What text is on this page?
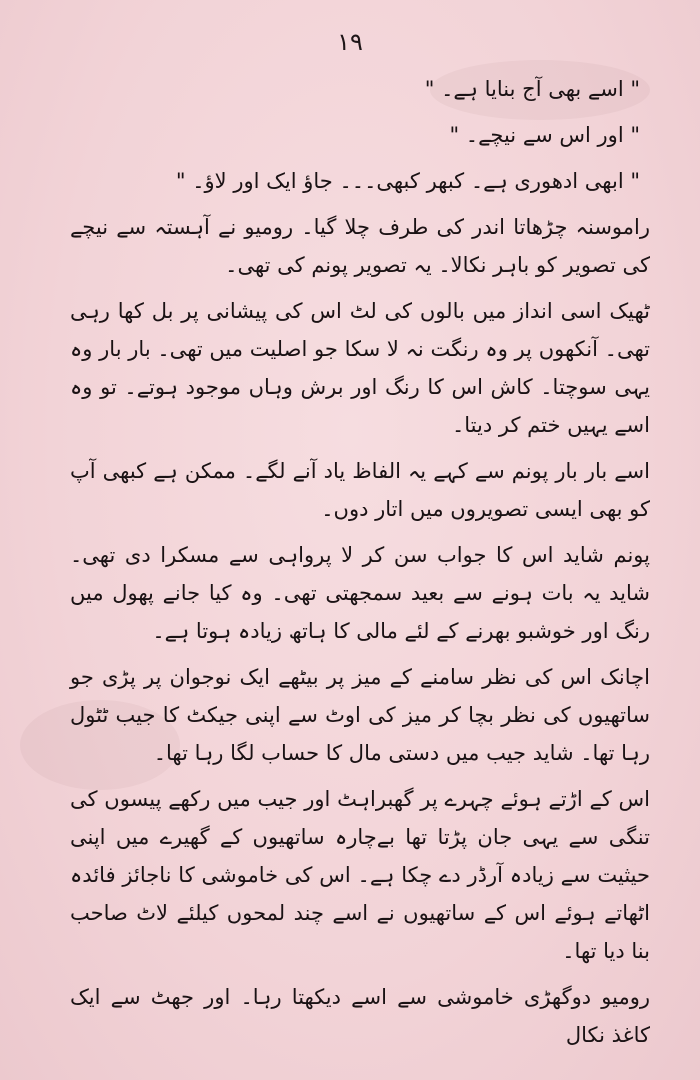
۱۹

" اسے بھی آج بنایا ہے۔ "

" اور اس سے نیچے۔ "

" ابھی ادھوری ہے۔ کبھر کبھی۔۔۔ جاؤ ایک اور لاؤ۔ "

راموسنہ چڑھاتا اندر کی طرف چلا گیا۔ رومیو نے آہستہ سے نیچے کی تصویر کو باہر نکالا۔ یہ تصویر پونم کی تھی۔

ٹھیک اسی انداز میں بالوں کی لٹ اس کی پیشانی پر بل کھا رہی تھی۔ آنکھوں پر وہ رنگت نہ لا سکا جو اصلیت میں تھی۔ بار بار وہ یہی سوچتا۔ کاش اس کا رنگ اور برش وہاں موجود ہوتے۔ تو وہ اسے یہیں ختم کر دیتا۔

اسے بار بار پونم سے کہے یہ الفاظ یاد آنے لگے۔ ممکن ہے کبھی آپ کو بھی ایسی تصویروں میں اتار دوں۔

پونم شاید اس کا جواب سن کر لا پرواہی سے مسکرا دی تھی۔ شاید یہ بات ہونے سے بعید سمجھتی تھی۔ وہ کیا جانے پھول میں رنگ اور خوشبو بھرنے کے لئے مالی کا ہاتھ زیادہ ہوتا ہے۔

اچانک اس کی نظر سامنے کے میز پر بیٹھے ایک نوجوان پر پڑی جو ساتھیوں کی نظر بچا کر میز کی اوٹ سے اپنی جیکٹ کا جیب ٹٹول رہا تھا۔ شاید جیب میں دستی مال کا حساب لگا رہا تھا۔

اس کے اڑتے ہوئے چہرے پر گھبراہٹ اور جیب میں رکھے پیسوں کی تنگی سے یہی جان پڑتا تھا بےچارہ ساتھیوں کے گھیرے میں اپنی حیثیت سے زیادہ آرڈر دے چکا ہے۔ اس کی خاموشی کا ناجائز فائدہ اٹھاتے ہوئے اس کے ساتھیوں نے اسے چند لمحوں کیلئے لاٹ صاحب بنا دیا تھا۔

رومیو دوگھڑی خاموشی سے اسے دیکھتا رہا۔ اور جھٹ سے ایک کاغذ نکال
